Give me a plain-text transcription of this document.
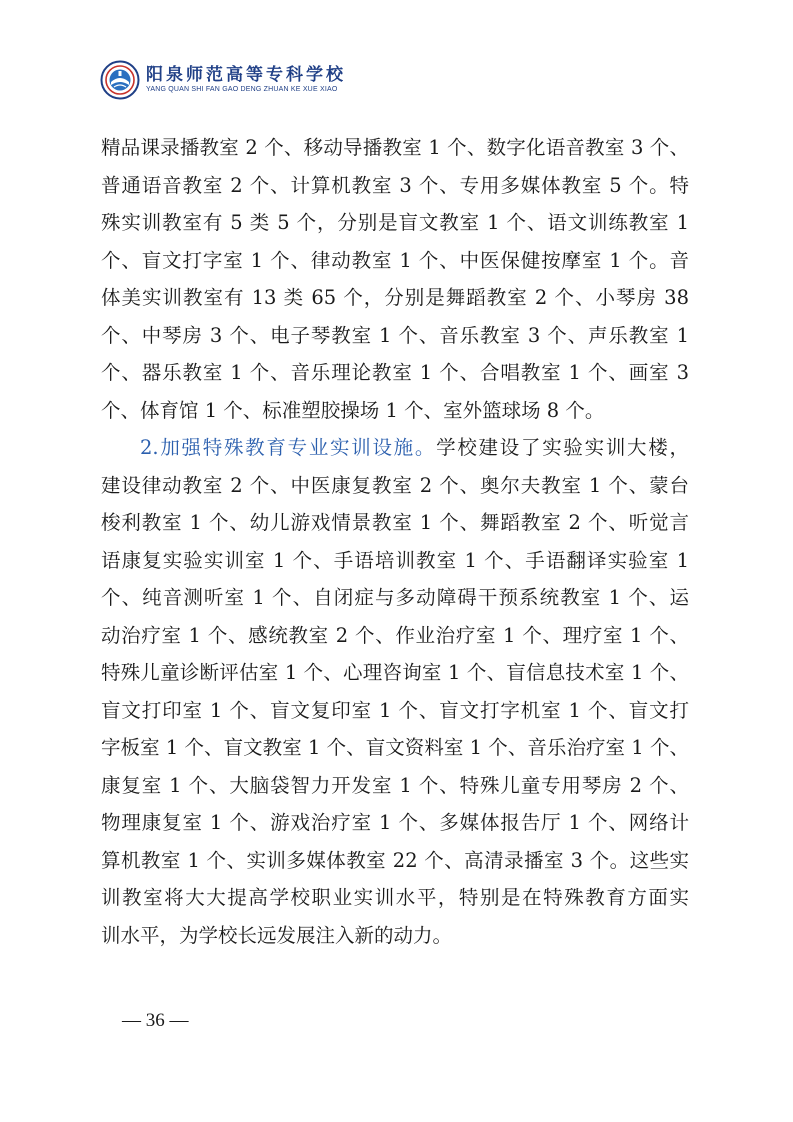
阳泉师范高等专科学校
YANG QUAN SHI FAN GAO DENG ZHUAN KE XUE XIAO
精品课录播教室 2 个、移动导播教室 1 个、数字化语音教室 3 个、
普通语音教室 2 个、计算机教室 3 个、专用多媒体教室 5 个。特
殊实训教室有 5 类 5 个，分别是盲文教室 1 个、语文训练教室 1
个、盲文打字室 1 个、律动教室 1 个、中医保健按摩室 1 个。音
体美实训教室有 13 类 65 个，分别是舞蹈教室 2 个、小琴房 38
个、中琴房 3 个、电子琴教室 1 个、音乐教室 3 个、声乐教室 1
个、器乐教室 1 个、音乐理论教室 1 个、合唱教室 1 个、画室 3
个、体育馆 1 个、标准塑胶操场 1 个、室外篮球场 8 个。
2.加强特殊教育专业实训设施。学校建设了实验实训大楼，
建设律动教室 2 个、中医康复教室 2 个、奥尔夫教室 1 个、蒙台
梭利教室 1 个、幼儿游戏情景教室 1 个、舞蹈教室 2 个、听觉言
语康复实验实训室 1 个、手语培训教室 1 个、手语翻译实验室 1
个、纯音测听室 1 个、自闭症与多动障碍干预系统教室 1 个、运
动治疗室 1 个、感统教室 2 个、作业治疗室 1 个、理疗室 1 个、
特殊儿童诊断评估室 1 个、心理咨询室 1 个、盲信息技术室 1 个、
盲文打印室 1 个、盲文复印室 1 个、盲文打字机室 1 个、盲文打
字板室 1 个、盲文教室 1 个、盲文资料室 1 个、音乐治疗室 1 个、
康复室 1 个、大脑袋智力开发室 1 个、特殊儿童专用琴房 2 个、
物理康复室 1 个、游戏治疗室 1 个、多媒体报告厅 1 个、网络计
算机教室 1 个、实训多媒体教室 22 个、高清录播室 3 个。这些实
训教室将大大提高学校职业实训水平，特别是在特殊教育方面实
训水平，为学校长远发展注入新的动力。
— 36 —
